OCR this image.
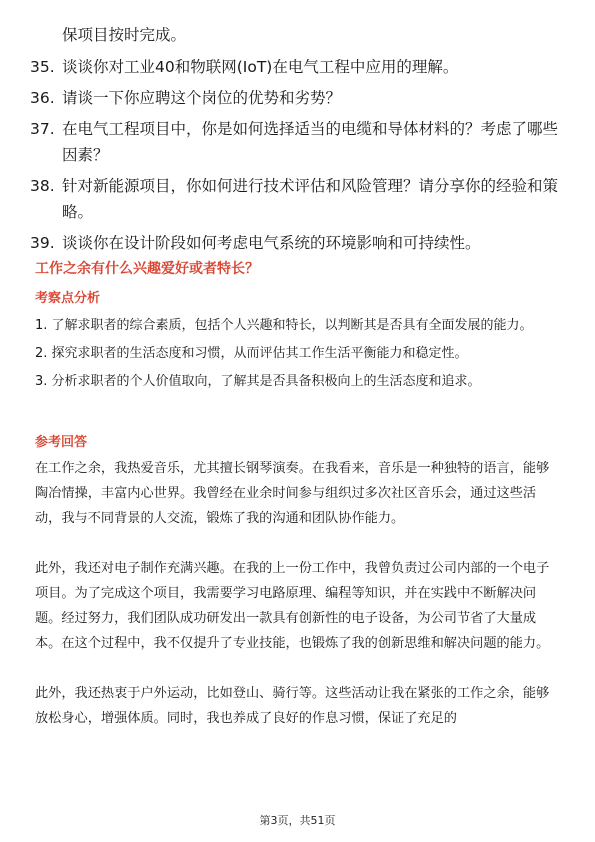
保项目按时完成。
35. 谈谈你对工业40和物联网(IoT)在电气工程中应用的理解。
36. 请谈一下你应聘这个岗位的优势和劣势？
37. 在电气工程项目中，你是如何选择适当的电缆和导体材料的？考虑了哪些因素？
38. 针对新能源项目，你如何进行技术评估和风险管理？请分享你的经验和策略。
39. 谈谈你在设计阶段如何考虑电气系统的环境影响和可持续性。
工作之余有什么兴趣爱好或者特长？
考察点分析

1. 了解求职者的综合素质，包括个人兴趣和特长，以判断其是否具有全面发展的能力。

2. 探究求职者的生活态度和习惯，从而评估其工作生活平衡能力和稳定性。

3. 分析求职者的个人价值取向，了解其是否具备积极向上的生活态度和追求。

参考回答

在工作之余，我热爱音乐，尤其擅长钢琴演奏。在我看来，音乐是一种独特的语言，能够陶冶情操，丰富内心世界。我曾经在业余时间参与组织过多次社区音乐会，通过这些活动，我与不同背景的人交流，锻炼了我的沟通和团队协作能力。

此外，我还对电子制作充满兴趣。在我的上一份工作中，我曾负责过公司内部的一个电子项目。为了完成这个项目，我需要学习电路原理、编程等知识，并在实践中不断解决问题。经过努力，我们团队成功研发出一款具有创新性的电子设备，为公司节省了大量成本。在这个过程中，我不仅提升了专业技能，也锻炼了我的创新思维和解决问题的能力。

此外，我还热衷于户外运动，比如登山、骑行等。这些活动让我在紧张的工作之余，能够放松身心，增强体质。同时，我也养成了良好的作息习惯，保证了充足的

第3页，共51页
